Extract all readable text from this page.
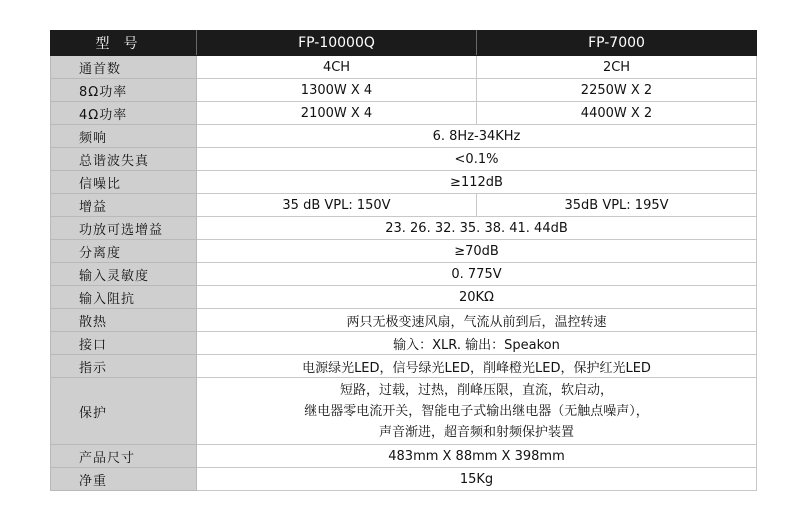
型号	FP-10000Q	FP-7000
通首数	4CH	2CH
8Ω功率	1300W X 4	2250W X 2
4Ω功率	2100W X 4	4400W X 2
频响	6. 8Hz-34KHz	
总谐波失真	<0.1%	
信噪比	≥112dB	
增益	35 dB VPL: 150V	35dB VPL: 195V
功放可选增益	23. 26. 32. 35. 38. 41. 44dB	
分离度	≥70dB	
输入灵敏度	0. 775V	
输入阻抗	20KΩ	
散热	两只无极变速风扇，气流从前到后，温控转速	
接口	输入：XLR. 输出：Speakon	
指示	电源绿光LED，信号绿光LED，削峰橙光LED，保护红光LED	
保护	短路，过载，过热，削峰压限，直流，软启动，
继电器零电流开关，智能电子式输出继电器（无触点噪声），
声音渐进，超音频和射频保护装置	

产品尺寸	483mm X 88mm X 398mm	
净重	15Kg	
